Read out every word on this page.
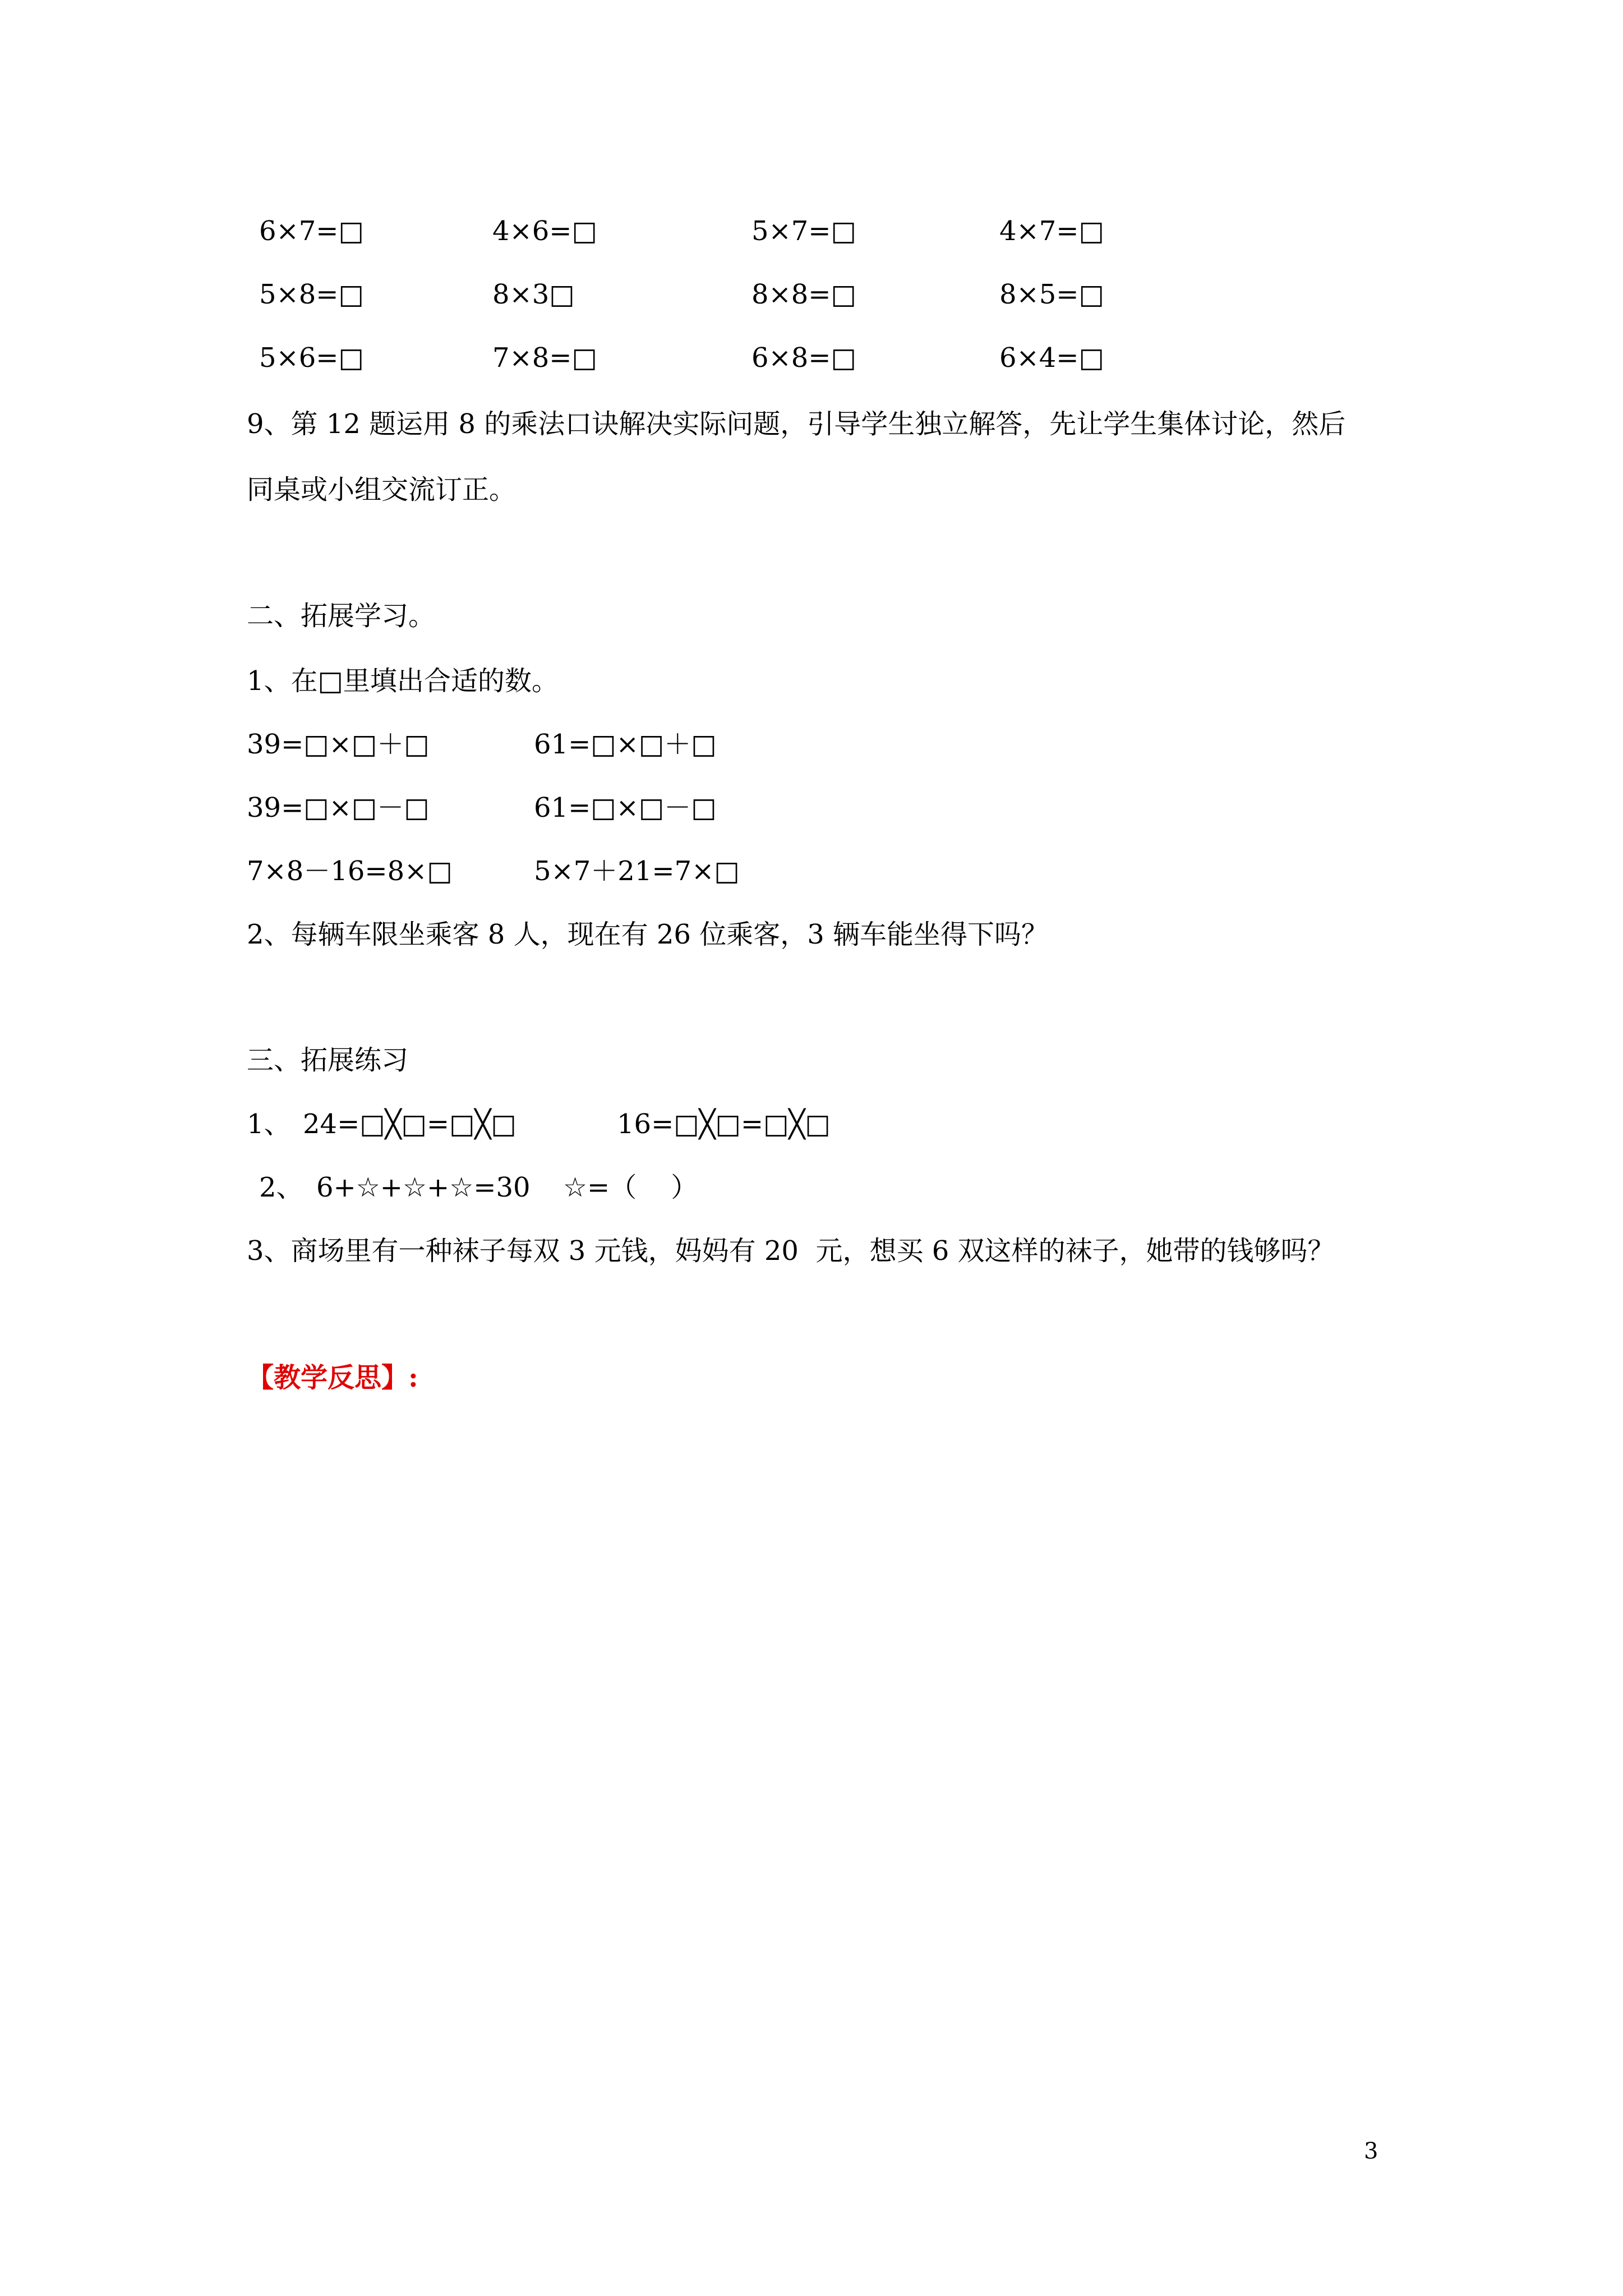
6×7=□	4×6=□	5×7=□	4×7=□
5×8=□	8×3□	8×8=□	8×5=□
5×6=□	7×8=□	6×8=□	6×4=□
9、第 12 题运用 8 的乘法口诀解决实际问题，引导学生独立解答，先让学生集体讨论，然后
同桌或小组交流订正。
二、拓展学习。
1、在□里填出合适的数。
39=□×□＋□	61=□×□＋□
39=□×□－□	61=□×□－□
7×8－16=8×□	5×7＋21=7×□
2、每辆车限坐乘客 8 人，现在有 26 位乘客，3 辆车能坐得下吗？
三、拓展练习
1、 24=□╳□=□╳□	16=□╳□=□╳□
2、 6+☆+☆+☆=30 ☆=（    ）
3、商场里有一种袜子每双 3 元钱，妈妈有 20  元，想买 6 双这样的袜子，她带的钱够吗？
【教学反思】:
3
